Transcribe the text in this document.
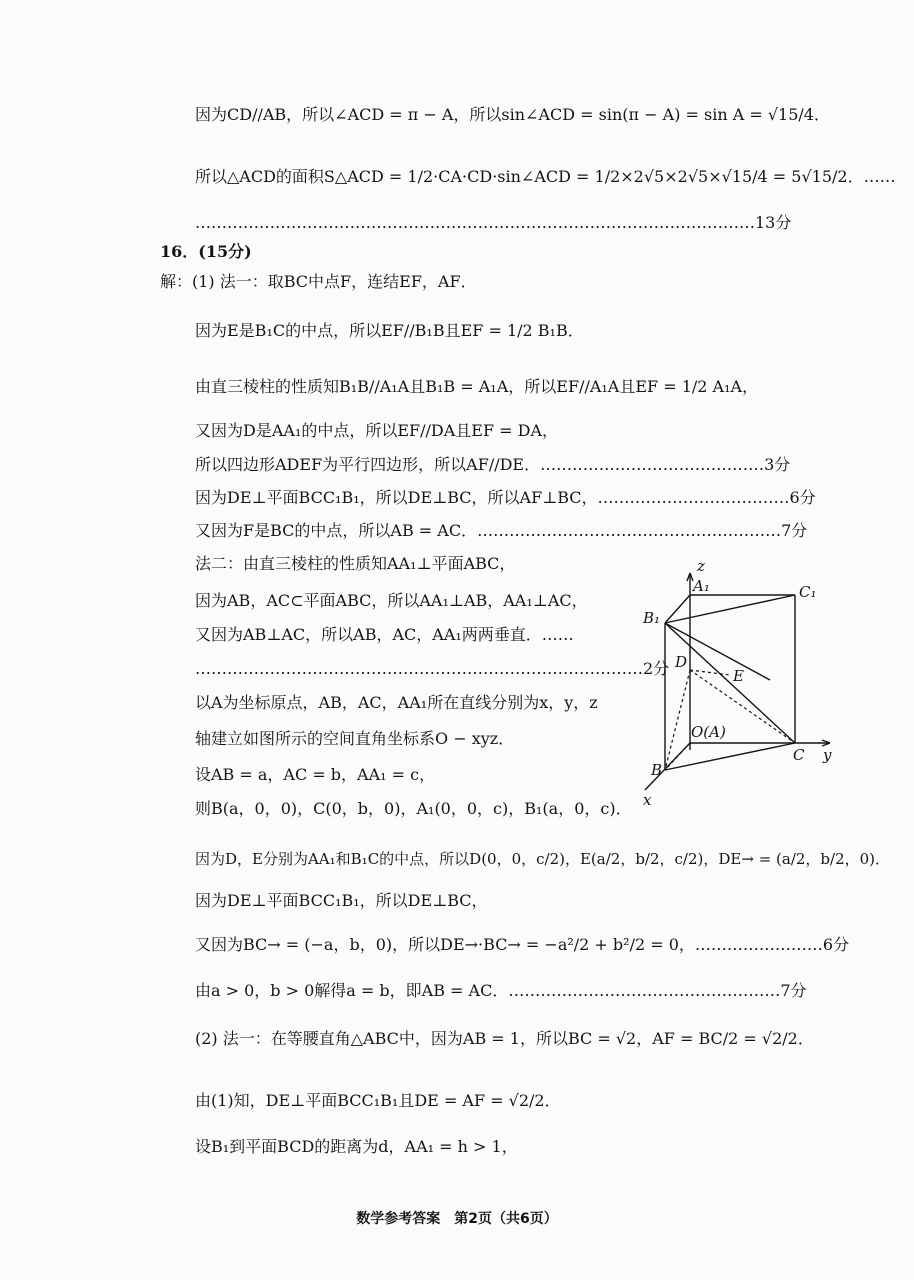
因为CD//AB，所以∠ACD = π − A，所以sin∠ACD = sin(π − A) = sin A = √15/4．
所以△ACD的面积S△ACD = 1/2·CA·CD·sin∠ACD = 1/2×2√5×2√5×√15/4 = 5√15/2．……
……………………………………………………………………………………………13分
16．(15分)
解：(1) 法一：取BC中点F，连结EF，AF．
因为E是B₁C的中点，所以EF//B₁B且EF = 1/2 B₁B．
由直三棱柱的性质知B₁B//A₁A且B₁B = A₁A，所以EF//A₁A且EF = 1/2 A₁A，
又因为D是AA₁的中点，所以EF//DA且EF = DA，
所以四边形ADEF为平行四边形，所以AF//DE．……………………………………3分
因为DE⊥平面BCC₁B₁，所以DE⊥BC，所以AF⊥BC，………………………………6分
又因为F是BC的中点，所以AB = AC．…………………………………………………7分
法二：由直三棱柱的性质知AA₁⊥平面ABC，
因为AB，AC⊂平面ABC，所以AA₁⊥AB，AA₁⊥AC，
又因为AB⊥AC，所以AB，AC，AA₁两两垂直．……
…………………………………………………………………………2分
以A为坐标原点，AB，AC，AA₁所在直线分别为x，y，z
轴建立如图所示的空间直角坐标系O − xyz．
设AB = a，AC = b，AA₁ = c，
则B(a，0，0)，C(0，b，0)，A₁(0，0，c)，B₁(a，0，c)．
因为D，E分别为AA₁和B₁C的中点，所以D(0，0，c/2)，E(a/2，b/2，c/2)，DE→ = (a/2，b/2，0)．
因为DE⊥平面BCC₁B₁，所以DE⊥BC，
又因为BC→ = (−a，b，0)，所以DE→·BC→ = −a²/2 + b²/2 = 0，……………………6分
由a > 0，b > 0解得a = b，即AB = AC．……………………………………………7分
(2) 法一：在等腰直角△ABC中，因为AB = 1，所以BC = √2，AF = BC/2 = √2/2．
由(1)知，DE⊥平面BCC₁B₁且DE = AF = √2/2．
设B₁到平面BCD的距离为d，AA₁ = h > 1，
z
A₁	C₁
B₁
D
E
O(A)
C y
B
x
数学参考答案　第2页（共6页）
